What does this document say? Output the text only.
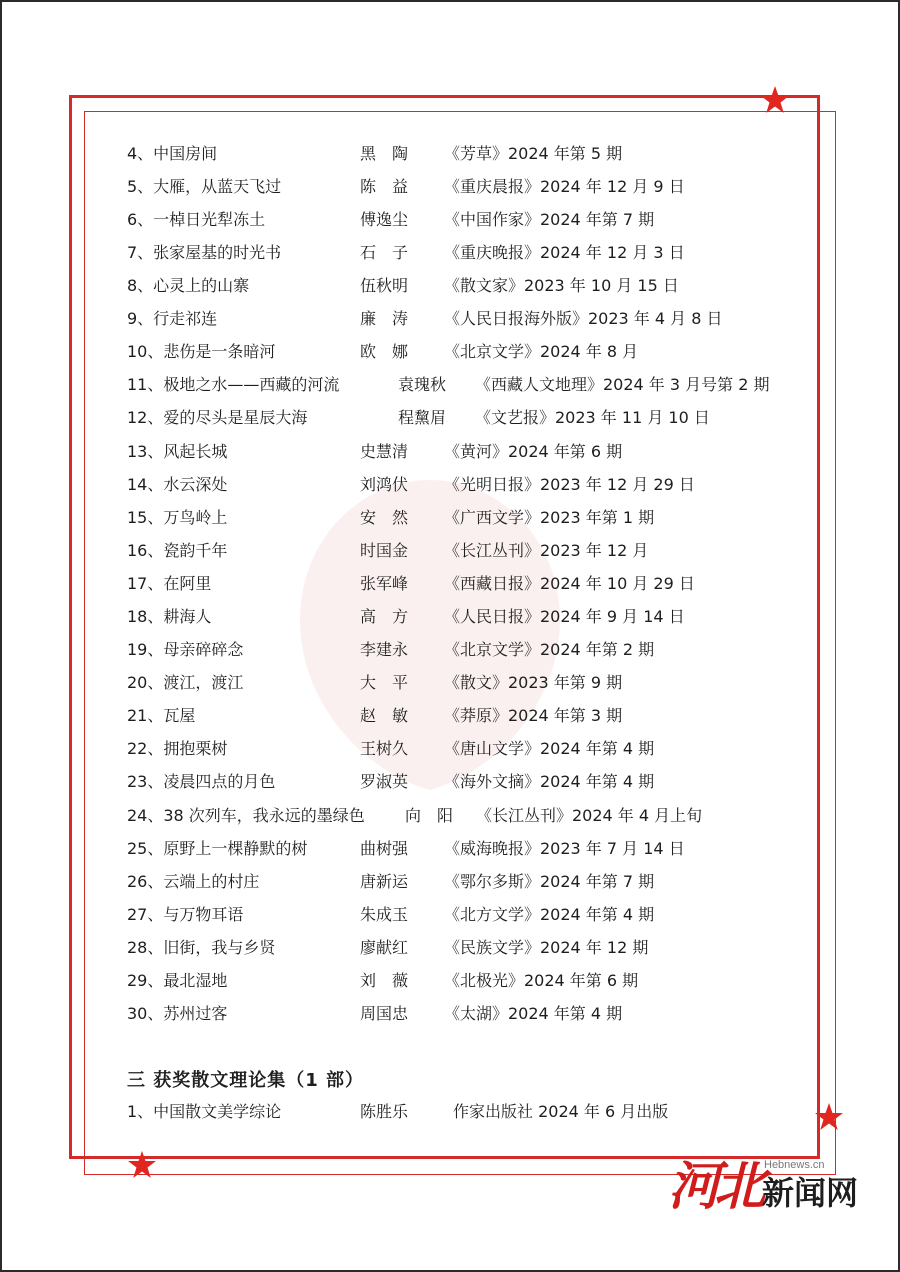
4、中国房间	黑　陶 《芳草》2024 年第 5 期
5、大雁，从蓝天飞过	陈　益 《重庆晨报》2024 年 12 月 9 日
6、一棹日光犁冻土	傅逸尘 《中国作家》2024 年第 7 期
7、张家屋基的时光书	石　子 《重庆晚报》2024 年 12 月 3 日
8、心灵上的山寨	伍秋明 《散文家》2023 年 10 月 15 日
9、行走祁连	廉　涛 《人民日报海外版》2023 年 4 月 8 日
10、悲伤是一条暗河	欧　娜 《北京文学》2024 年 8 月
11、极地之水——西藏的河流	袁瑰秋 《西藏人文地理》2024 年 3 月号第 2 期
12、爱的尽头是星辰大海	程黧眉 《文艺报》2023 年 11 月 10 日
13、风起长城	史慧清 《黄河》2024 年第 6 期
14、水云深处	刘鸿伏 《光明日报》2023 年 12 月 29 日
15、万鸟岭上	安　然 《广西文学》2023 年第 1 期
16、瓷韵千年	时国金 《长江丛刊》2023 年 12 月
17、在阿里	张军峰 《西藏日报》2024 年 10 月 29 日
18、耕海人	高　方 《人民日报》2024 年 9 月 14 日
19、母亲碎碎念	李建永 《北京文学》2024 年第 2 期
20、渡江，渡江	大　平 《散文》2023 年第 9 期
21、瓦屋	赵　敏 《莽原》2024 年第 3 期
22、拥抱栗树	王树久 《唐山文学》2024 年第 4 期
23、凌晨四点的月色	罗淑英 《海外文摘》2024 年第 4 期
24、38 次列车，我永远的墨绿色	向　阳 《长江丛刊》2024 年 4 月上旬
25、原野上一棵静默的树	曲树强 《威海晚报》2023 年 7 月 14 日
26、云端上的村庄	唐新运 《鄂尔多斯》2024 年第 7 期
27、与万物耳语	朱成玉 《北方文学》2024 年第 4 期
28、旧街，我与乡贤	廖献红 《民族文学》2024 年 12 期
29、最北湿地	刘　薇 《北极光》2024 年第 6 期
30、苏州过客	周国忠 《太湖》2024 年第 4 期
三 获奖散文理论集（1 部）
1、中国散文美学综论	陈胜乐	作家出版社 2024 年 6 月出版
河北 Hebnews.cn
新闻网
